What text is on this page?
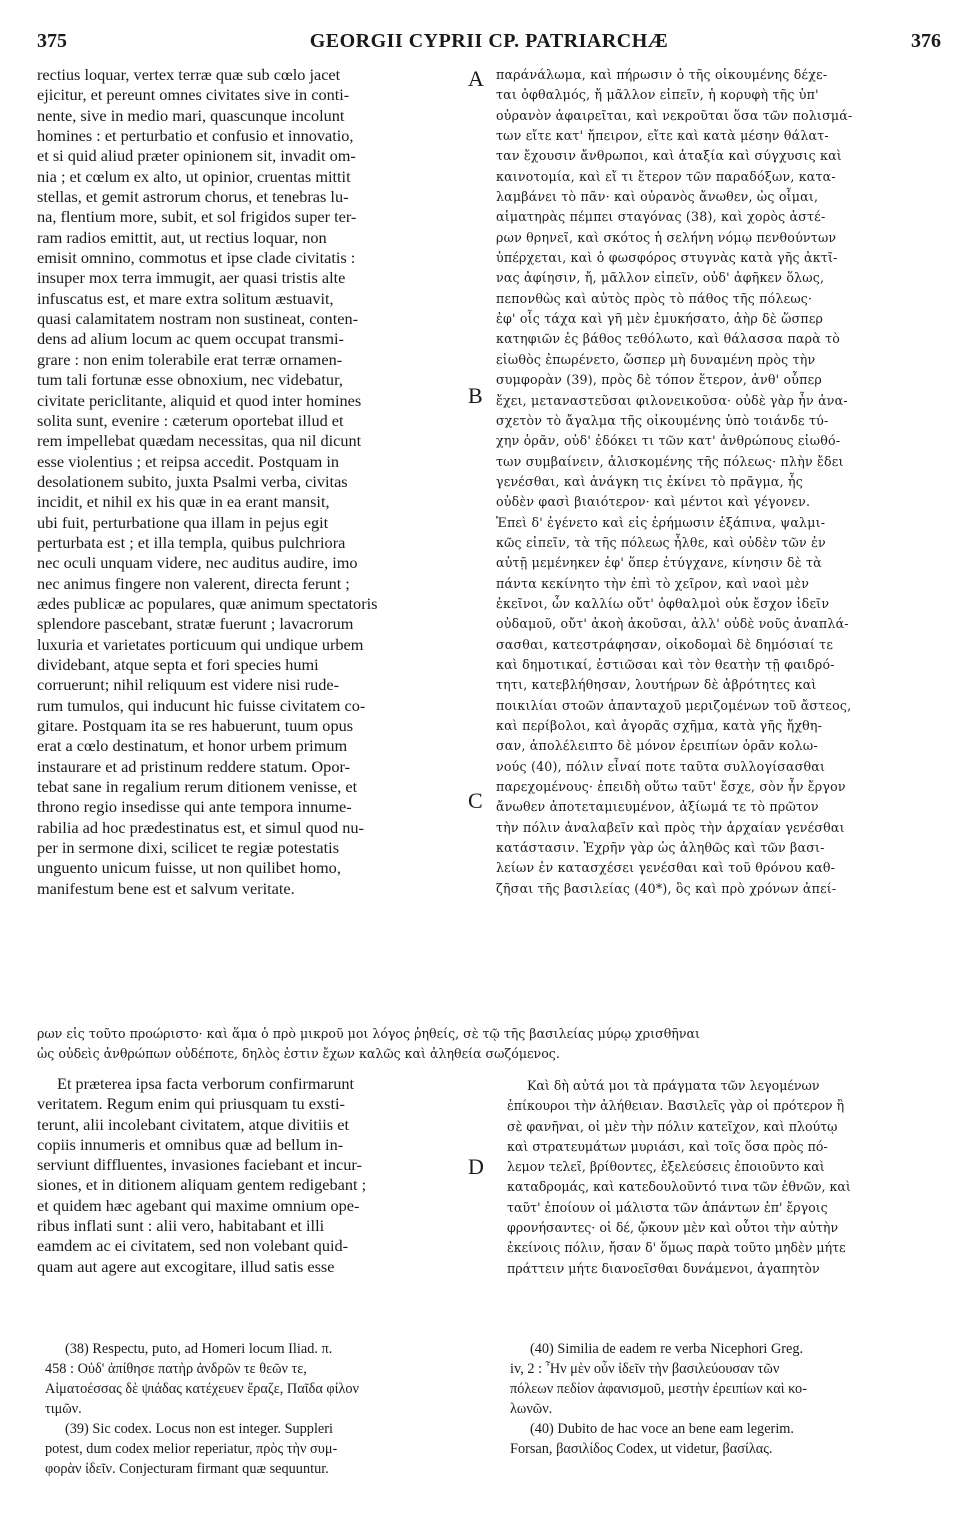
375	GEORGII CYPRII CP. PATRIARCHÆ	376
rectius loquar, vertex terræ quæ sub cœlo jacet
ejicitur, et pereunt omnes civitates sive in conti-
nente, sive in medio mari, quascunque incolunt
homines : et perturbatio et confusio et innovatio,
et si quid aliud præter opinionem sit, invadit om-
nia ; et cœlum ex alto, ut opinior, cruentas mittit
stellas, et gemit astrorum chorus, et tenebras lu-
na, flentium more, subit, et sol frigidos super ter-
ram radios emittit, aut, ut rectius loquar, non
emisit omnino, commotus et ipse clade civitatis :
insuper mox terra immugit, aer quasi tristis alte
infuscatus est, et mare extra solitum æstuavit,
quasi calamitatem nostram non sustineat, conten-
dens ad alium locum ac quem occupat transmi-
grare : non enim tolerabile erat terræ ornamen-
tum tali fortunæ esse obnoxium, nec videbatur,
civitate periclitante, aliquid et quod inter homines
solita sunt, evenire : cæterum oportebat illud et
rem impellebat quædam necessitas, qua nil dicunt
esse violentius ; et reipsa accedit. Postquam in
desolationem subito, juxta Psalmi verba, civitas
incidit, et nihil ex his quæ in ea erant mansit,
ubi fuit, perturbatione qua illam in pejus egit
perturbata est ; et illa templa, quibus pulchriora
nec oculi unquam videre, nec auditus audire, imo
nec animus fingere non valerent, directa ferunt ;
ædes publicæ ac populares, quæ animum spectatoris
splendore pascebant, stratæ fuerunt ; lavacrorum
luxuria et varietates porticuum qui undique urbem
dividebant, atque septa et fori species humi
corruerunt; nihil reliquum est videre nisi rude-
rum tumulos, qui inducunt hic fuisse civitatem co-
gitare. Postquam ita se res habuerunt, tuum opus
erat a cœlo destinatum, et honor urbem primum
instaurare et ad pristinum reddere statum. Opor-
tebat sane in regalium rerum ditionem venisse, et
throno regio insedisse qui ante tempora innume-
rabilia ad hoc prædestinatus est, et simul quod nu-
per in sermone dixi, scilicet te regiæ potestatis
unguento unicum fuisse, ut non quilibet homo,
manifestum bene est et salvum veritate.
παράνάλωμα, καὶ πήρωσιν ὁ τῆς οἰκουμένης δέχε-
ται ὀφθαλμός, ἤ μᾶλλον εἰπεῖν, ἡ κορυφὴ τῆς ὑπ'
οὐρανὸν ἀφαιρεῖται, καὶ νεκροῦται ὅσα τῶν πολισμά-
των εἴτε κατ' ἤπειρον, εἴτε καὶ κατὰ μέσην θάλατ-
ταν ἔχουσιν ἄνθρωποι, καὶ ἀταξία καὶ σύγχυσις καὶ
καινοτομία, καὶ εἴ τι ἕτερον τῶν παραδόξων, κατα-
λαμβάνει τὸ πᾶν· καὶ οὐρανὸς ἄνωθεν, ὡς οἶμαι,
αἱματηρὰς πέμπει σταγόνας (38), καὶ χορὸς ἀστέ-
ρων θρηνεῖ, καὶ σκότος ἡ σελήνη νόμῳ πενθούντων
ὑπέρχεται, καὶ ὁ φωσφόρος στυγνὰς κατὰ γῆς ἀκτῖ-
νας ἀφίησιν, ἤ, μᾶλλον εἰπεῖν, οὐδ' ἀφῆκεν ὅλως,
πεπονθὼς καὶ αὐτὸς πρὸς τὸ πάθος τῆς πόλεως·
ἐφ' οἷς τάχα καὶ γῆ μὲν ἐμυκήσατο, ἀὴρ δὲ ὥσπερ
κατηφιῶν ἐς βάθος τεθόλωτο, καὶ θάλασσα παρὰ τὸ
εἰωθὸς ἐπωρένετο, ὥσπερ μὴ δυναμένη πρὸς τὴν
συμφορὰν (39), πρὸς δὲ τόπον ἕτερον, ἀνθ' οὗπερ
ἔχει, μεταναστεῦσαι φιλονεικοῦσα· οὐδὲ γὰρ ἦν ἀνα-
σχετὸν τὸ ἄγαλμα τῆς οἰκουμένης ὑπὸ τοιάνδε τύ-
χην ὁρᾶν, οὐδ' ἐδόκει τι τῶν κατ' ἀνθρώπους εἰωθό-
των συμβαίνειν, ἁλισκομένης τῆς πόλεως· πλὴν ἔδει
γενέσθαι, καὶ ἀνάγκη τις ἐκίνει τὸ πρᾶγμα, ἧς
οὐδὲν φασὶ βιαιότερον· καὶ μέντοι καὶ γέγονεν.
Ἐπεὶ δ' ἐγένετο καὶ εἰς ἐρήμωσιν ἐξάπινα, ψαλμι-
κῶς εἰπεῖν, τὰ τῆς πόλεως ἦλθε, καὶ οὐδὲν τῶν ἐν
αὐτῇ μεμένηκεν ἐφ' ὅπερ ἐτύγχανε, κίνησιν δὲ τὰ
πάντα κεκίνητο τὴν ἐπὶ τὸ χεῖρον, καὶ ναοὶ μὲν
ἐκεῖνοι, ὧν καλλίω οὔτ' ὀφθαλμοὶ οὐκ ἔσχον ἰδεῖν
οὐδαμοῦ, οὔτ' ἀκοὴ ἀκοῦσαι, ἀλλ' οὐδὲ νοῦς ἀναπλά-
σασθαι, κατεστράφησαν, οἰκοδομαὶ δὲ δημόσιαί τε
καὶ δημοτικαί, ἑστιῶσαι καὶ τὸν θεατὴν τῇ φαιδρό-
τητι, κατεβλήθησαν, λουτήρων δὲ ἁβρότητες καὶ
ποικιλίαι στοῶν ἁπανταχοῦ μεριζομένων τοῦ ἄστεος,
καὶ περίβολοι, καὶ ἀγορᾶς σχῆμα, κατὰ γῆς ἤχθη-
σαν, ἀπολέλειπτο δὲ μόνον ἐρειπίων ὁρᾶν κολω-
νούς (40), πόλιν εἶναί ποτε ταῦτα συλλογίσασθαι
παρεχομένους· ἐπειδὴ οὕτω ταῦτ' ἔσχε, σὸν ἦν ἔργον
ἄνωθεν ἀποτεταμιευμένον, ἀξίωμά τε τὸ πρῶτον
τὴν πόλιν ἀναλαβεῖν καὶ πρὸς τὴν ἀρχαίαν γενέσθαι
κατάστασιν. Ἐχρῆν γὰρ ὡς ἀληθῶς καὶ τῶν βασι-
λείων ἐν κατασχέσει γενέσθαι καὶ τοῦ θρόνου καθ-
ζῆσαι τῆς βασιλείας (40*), ὃς καὶ πρὸ χρόνων ἀπεί-
A
B
C
D
ρων εἰς τοῦτο προώριστο· καὶ ἅμα ὁ πρὸ μικροῦ μοι λόγος ῥηθείς, σὲ τῷ τῆς βασιλείας μύρῳ χρισθῆναι
ὡς οὐδεὶς ἀνθρώπων οὐδέποτε, δηλὸς ἐστιν ἔχων καλῶς καὶ ἀληθεία σωζόμενος.
Et præterea ipsa facta verborum confirmarunt
veritatem. Regum enim qui priusquam tu exsti-
terunt, alii incolebant civitatem, atque divitiis et
copiis innumeris et omnibus quæ ad bellum in-
serviunt diffluentes, invasiones faciebant et incur-
siones, et in ditionem aliquam gentem redigebant ;
et quidem hæc agebant qui maxime omnium ope-
ribus inflati sunt : alii vero, habitabant et illi
eamdem ac ei civitatem, sed non volebant quid-
quam aut agere aut excogitare, illud satis esse
Καὶ δὴ αὐτά μοι τὰ πράγματα τῶν λεγομένων
ἐπίκουροι τὴν ἀλήθειαν. Βασιλεῖς γὰρ οἱ πρότερον ἢ
σὲ φανῆναι, οἱ μὲν τὴν πόλιν κατεῖχον, καὶ πλούτῳ
καὶ στρατευμάτων μυριάσι, καὶ τοῖς ὅσα πρὸς πό-
λεμον τελεῖ, βρίθοντες, ἐξελεύσεις ἐποιοῦντο καὶ
καταδρομάς, καὶ κατεδουλοῦντό τινα τῶν ἐθνῶν, καὶ
ταῦτ' ἐποίουν οἱ μάλιστα τῶν ἁπάντων ἐπ' ἔργοις
φρονήσαντες· οἱ δέ, ᾤκουν μὲν καὶ οὗτοι τὴν αὐτὴν
ἐκείνοις πόλιν, ἤσαν δ' ὅμως παρὰ τοῦτο μηδὲν μήτε
πράττειν μήτε διανοεῖσθαι δυνάμενοι, ἀγαπητὸν
(38) Respectu, puto, ad Homeri locum Iliad. π.
458 : Οὐδ' ἀπίθησε πατὴρ ἀνδρῶν τε θεῶν τε,
Αἱματοέσσας δὲ ψιάδας κατέχευεν ἔραζε, Παῖδα φίλον
τιμῶν.
(39) Sic codex. Locus non est integer. Suppleri
potest, dum codex melior reperiatur, πρὸς τὴν συμ-
φορὰν ἰδεῖν. Conjecturam firmant quæ sequuntur.
(40) Similia de eadem re verba Nicephori Greg.
iv, 2 : Ἦν μὲν οὖν ἰδεῖν τὴν βασιλεύουσαν τῶν
πόλεων πεδίον ἀφανισμοῦ, μεστὴν ἐρειπίων καὶ κο-
λωνῶν.
(40) Dubito de hac voce an bene eam legerim.
Forsan, βασιλίδος Codex, ut videtur, βασίλας.
